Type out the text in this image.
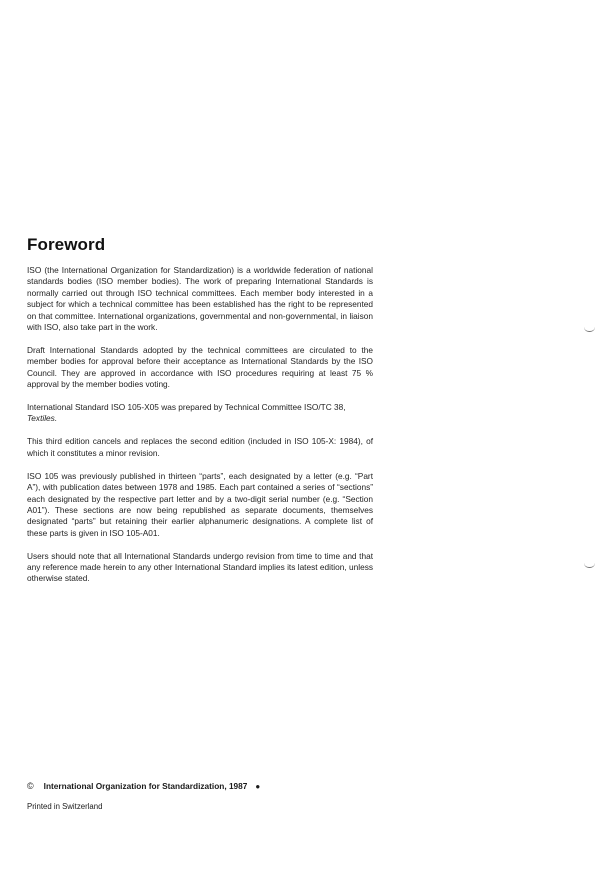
Foreword

ISO (the International Organization for Standardization) is a worldwide federation of national standards bodies (ISO member bodies). The work of preparing International Standards is normally carried out through ISO technical committees. Each member body interested in a subject for which a technical committee has been established has the right to be represented on that committee. International organizations, governmental and non-governmental, in liaison with ISO, also take part in the work.

Draft International Standards adopted by the technical committees are circulated to the member bodies for approval before their acceptance as International Standards by the ISO Council. They are approved in accordance with ISO procedures requiring at least 75 % approval by the member bodies voting.

International Standard ISO 105-X05 was prepared by Technical Committee ISO/TC 38,
Textiles.

This third edition cancels and replaces the second edition (included in ISO 105-X: 1984), of which it constitutes a minor revision.

ISO 105 was previously published in thirteen “parts”, each designated by a letter (e.g. “Part A”), with publication dates between 1978 and 1985. Each part contained a series of “sections” each designated by the respective part letter and by a two-digit serial number (e.g. “Section A01”). These sections are now being republished as separate documents, themselves designated “parts” but retaining their earlier alphanumeric designations. A complete list of these parts is given in ISO 105-A01.

Users should note that all International Standards undergo revision from time to time and that any reference made herein to any other International Standard implies its latest edition, unless otherwise stated.

© International Organization for Standardization, 1987 ●
Printed in Switzerland
